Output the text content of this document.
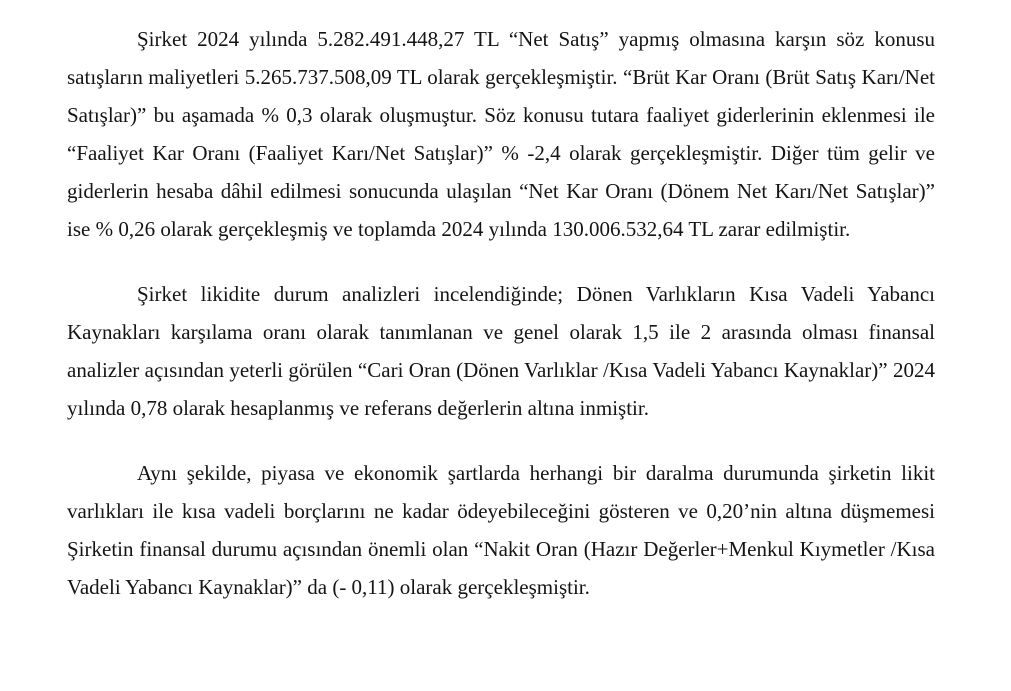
Şirket 2024 yılında 5.282.491.448,27 TL “Net Satış” yapmış olmasına karşın söz konusu satışların maliyetleri 5.265.737.508,09 TL olarak gerçekleşmiştir. “Brüt Kar Oranı (Brüt Satış Karı/Net Satışlar)” bu aşamada % 0,3 olarak oluşmuştur. Söz konusu tutara faaliyet giderlerinin eklenmesi ile “Faaliyet Kar Oranı (Faaliyet Karı/Net Satışlar)” % -2,4 olarak gerçekleşmiştir. Diğer tüm gelir ve giderlerin hesaba dâhil edilmesi sonucunda ulaşılan “Net Kar Oranı (Dönem Net Karı/Net Satışlar)” ise % 0,26 olarak gerçekleşmiş ve toplamda 2024 yılında 130.006.532,64 TL zarar edilmiştir.

Şirket likidite durum analizleri incelendiğinde; Dönen Varlıkların Kısa Vadeli Yabancı Kaynakları karşılama oranı olarak tanımlanan ve genel olarak 1,5 ile 2 arasında olması finansal analizler açısından yeterli görülen “Cari Oran (Dönen Varlıklar /Kısa Vadeli Yabancı Kaynaklar)” 2024 yılında 0,78 olarak hesaplanmış ve referans değerlerin altına inmiştir.

Aynı şekilde, piyasa ve ekonomik şartlarda herhangi bir daralma durumunda şirketin likit varlıkları ile kısa vadeli borçlarını ne kadar ödeyebileceğini gösteren ve 0,20’nin altına düşmemesi Şirketin finansal durumu açısından önemli olan “Nakit Oran (Hazır Değerler+Menkul Kıymetler /Kısa Vadeli Yabancı Kaynaklar)” da (- 0,11) olarak gerçekleşmiştir.
